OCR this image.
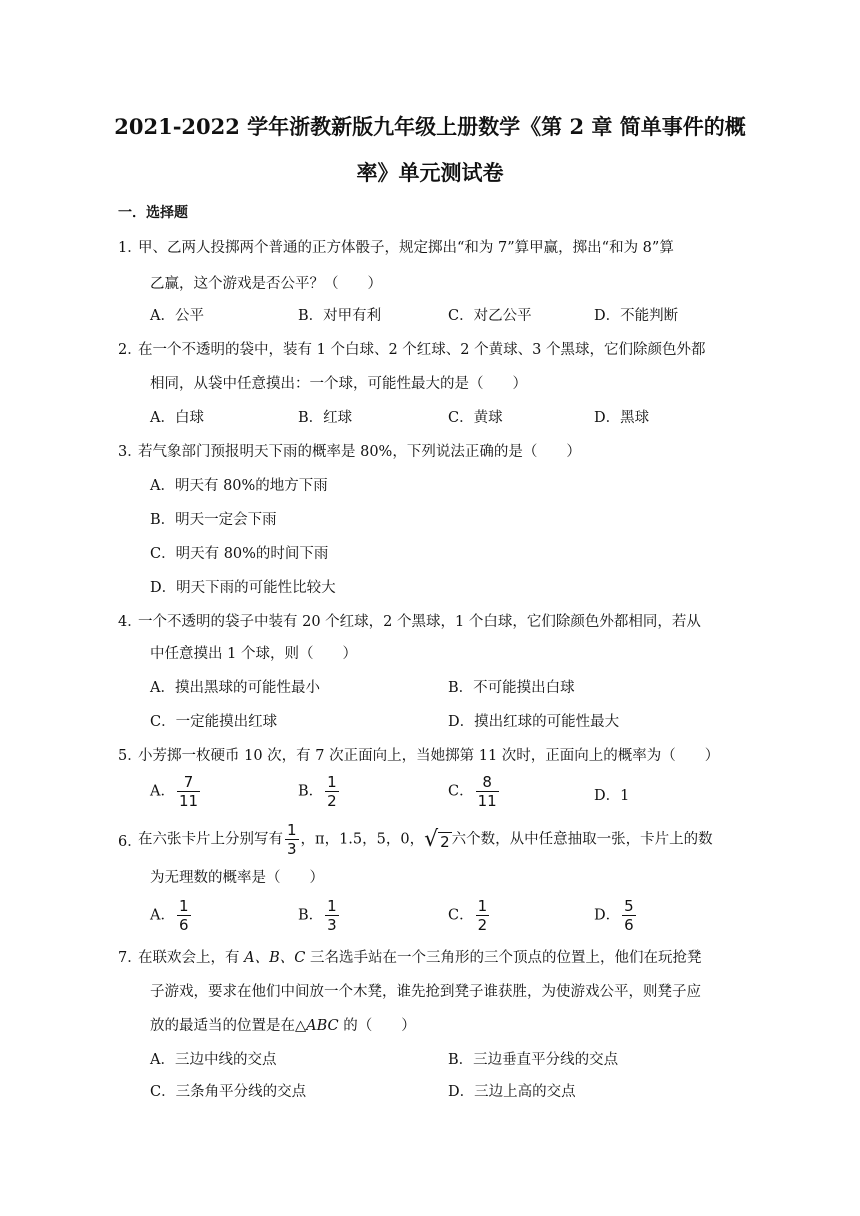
2021-2022 学年浙教新版九年级上册数学《第 2 章 简单事件的概
率》单元测试卷
一．选择题
1．
甲、乙两人投掷两个普通的正方体骰子，规定掷出“和为 7”算甲赢，掷出“和为 8”算
乙赢，这个游戏是否公平？（　　）
A．公平	B．对甲有利	C．对乙公平	D．不能判断
2．
在一个不透明的袋中，装有 1 个白球、2 个红球、2 个黄球、3 个黑球，它们除颜色外都
相同，从袋中任意摸出：一个球，可能性最大的是（　　）
A．白球	B．红球	C．黄球	D．黑球
3．
若气象部门预报明天下雨的概率是 80%，下列说法正确的是（　　）
A．明天有 80%的地方下雨
B．明天一定会下雨
C．明天有 80%的时间下雨
D．明天下雨的可能性比较大
4．
一个不透明的袋子中装有 20 个红球，2 个黑球，1 个白球，它们除颜色外都相同，若从
中任意摸出 1 个球，则（　　）
A．摸出黑球的可能性最小	B．不可能摸出白球
C．一定能摸出红球	D．摸出红球的可能性最大
5．
小芳掷一枚硬币 10 次，有 7 次正面向上，当她掷第 11 次时，正面向上的概率为（　　）
A． $\frac{7}{11}$	B． $\frac{1}{2}$	C． $\frac{8}{11}$	D．1
6．
在六张卡片上分别写有 $\frac{1}{3}$ ，π，1.5，5，0， √ 2 六个数，从中任意抽取一张，卡片上的数
为无理数的概率是（　　）
A． $\frac{1}{6}$	B． $\frac{1}{3}$	C． $\frac{1}{2}$	D． $\frac{5}{6}$
7．
在联欢会上，有 A、B、C 三名选手站在一个三角形的三个顶点的位置上，他们在玩抢凳
子游戏，要求在他们中间放一个木凳，谁先抢到凳子谁获胜，为使游戏公平，则凳子应
放的最适当的位置是在△ABC 的（　　）
A．三边中线的交点	B．三边垂直平分线的交点
C．三条角平分线的交点	D．三边上高的交点
